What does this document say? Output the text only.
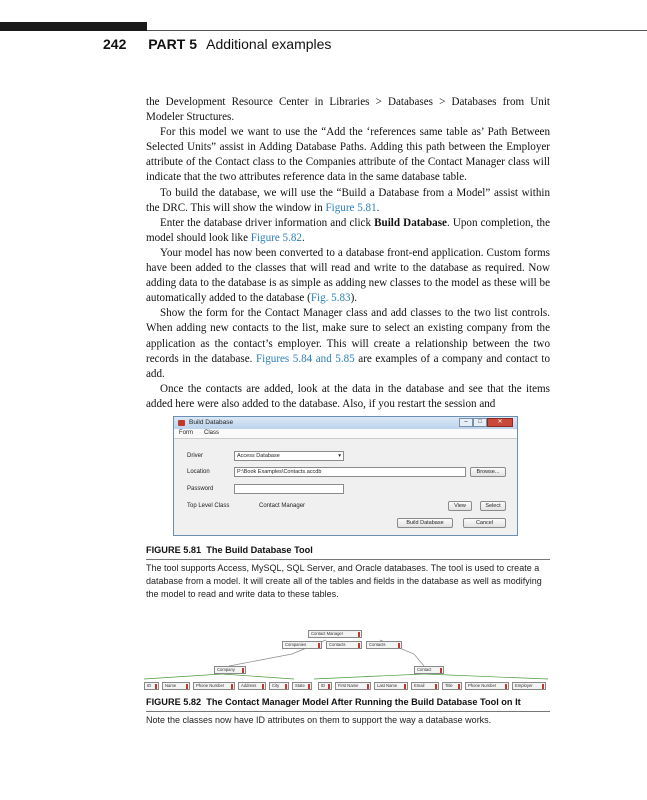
242 PART 5 Additional examples

the Development Resource Center in Libraries > Databases > Databases from Unit Modeler Structures.

For this model we want to use the “Add the ‘references same table as’ Path Between Selected Units” assist in Adding Database Paths. Adding this path between the Employer attribute of the Contact class to the Companies attribute of the Contact Manager class will indicate that the two attributes reference data in the same database table.

To build the database, we will use the “Build a Database from a Model” assist within the DRC. This will show the window in Figure 5.81.

Enter the database driver information and click Build Database. Upon completion, the model should look like Figure 5.82.

Your model has now been converted to a database front-end application. Custom forms have been added to the classes that will read and write to the database as required. Now adding data to the database is as simple as adding new classes to the model as these will be automatically added to the database (Fig. 5.83).

Show the form for the Contact Manager class and add classes to the two list controls. When adding new contacts to the list, make sure to select an existing company from the application as the contact’s employer. This will create a relationship between the two records in the database. Figures 5.84 and 5.85 are examples of a company and contact to add.

Once the contacts are added, look at the data in the database and see that the items added here were also added to the database. Also, if you restart the session and

Build Database	–	□	✕
Form Class
Driver	Access Database	▾
Location	P:\Book Examples\Contacts.accdb	Browse...
Password
Top Level Class	Contact Manager	View	Select
Build Database	Cancel
FIGURE 5.81 The Build Database Tool
The tool supports Access, MySQL, SQL Server, and Oracle databases. The tool is used to create a database from a model. It will create all of the tables and fields in the database as well as modifying the model to read and write data to these tables.
Contact Manager
Companies	Contacts	Contacts
Company	Contact
ID	Name	Phone Number	Address	City	State	ID	First Name	Last Name	Email	Title	Phone Number	Employer
FIGURE 5.82 The Contact Manager Model After Running the Build Database Tool on It
Note the classes now have ID attributes on them to support the way a database works.
